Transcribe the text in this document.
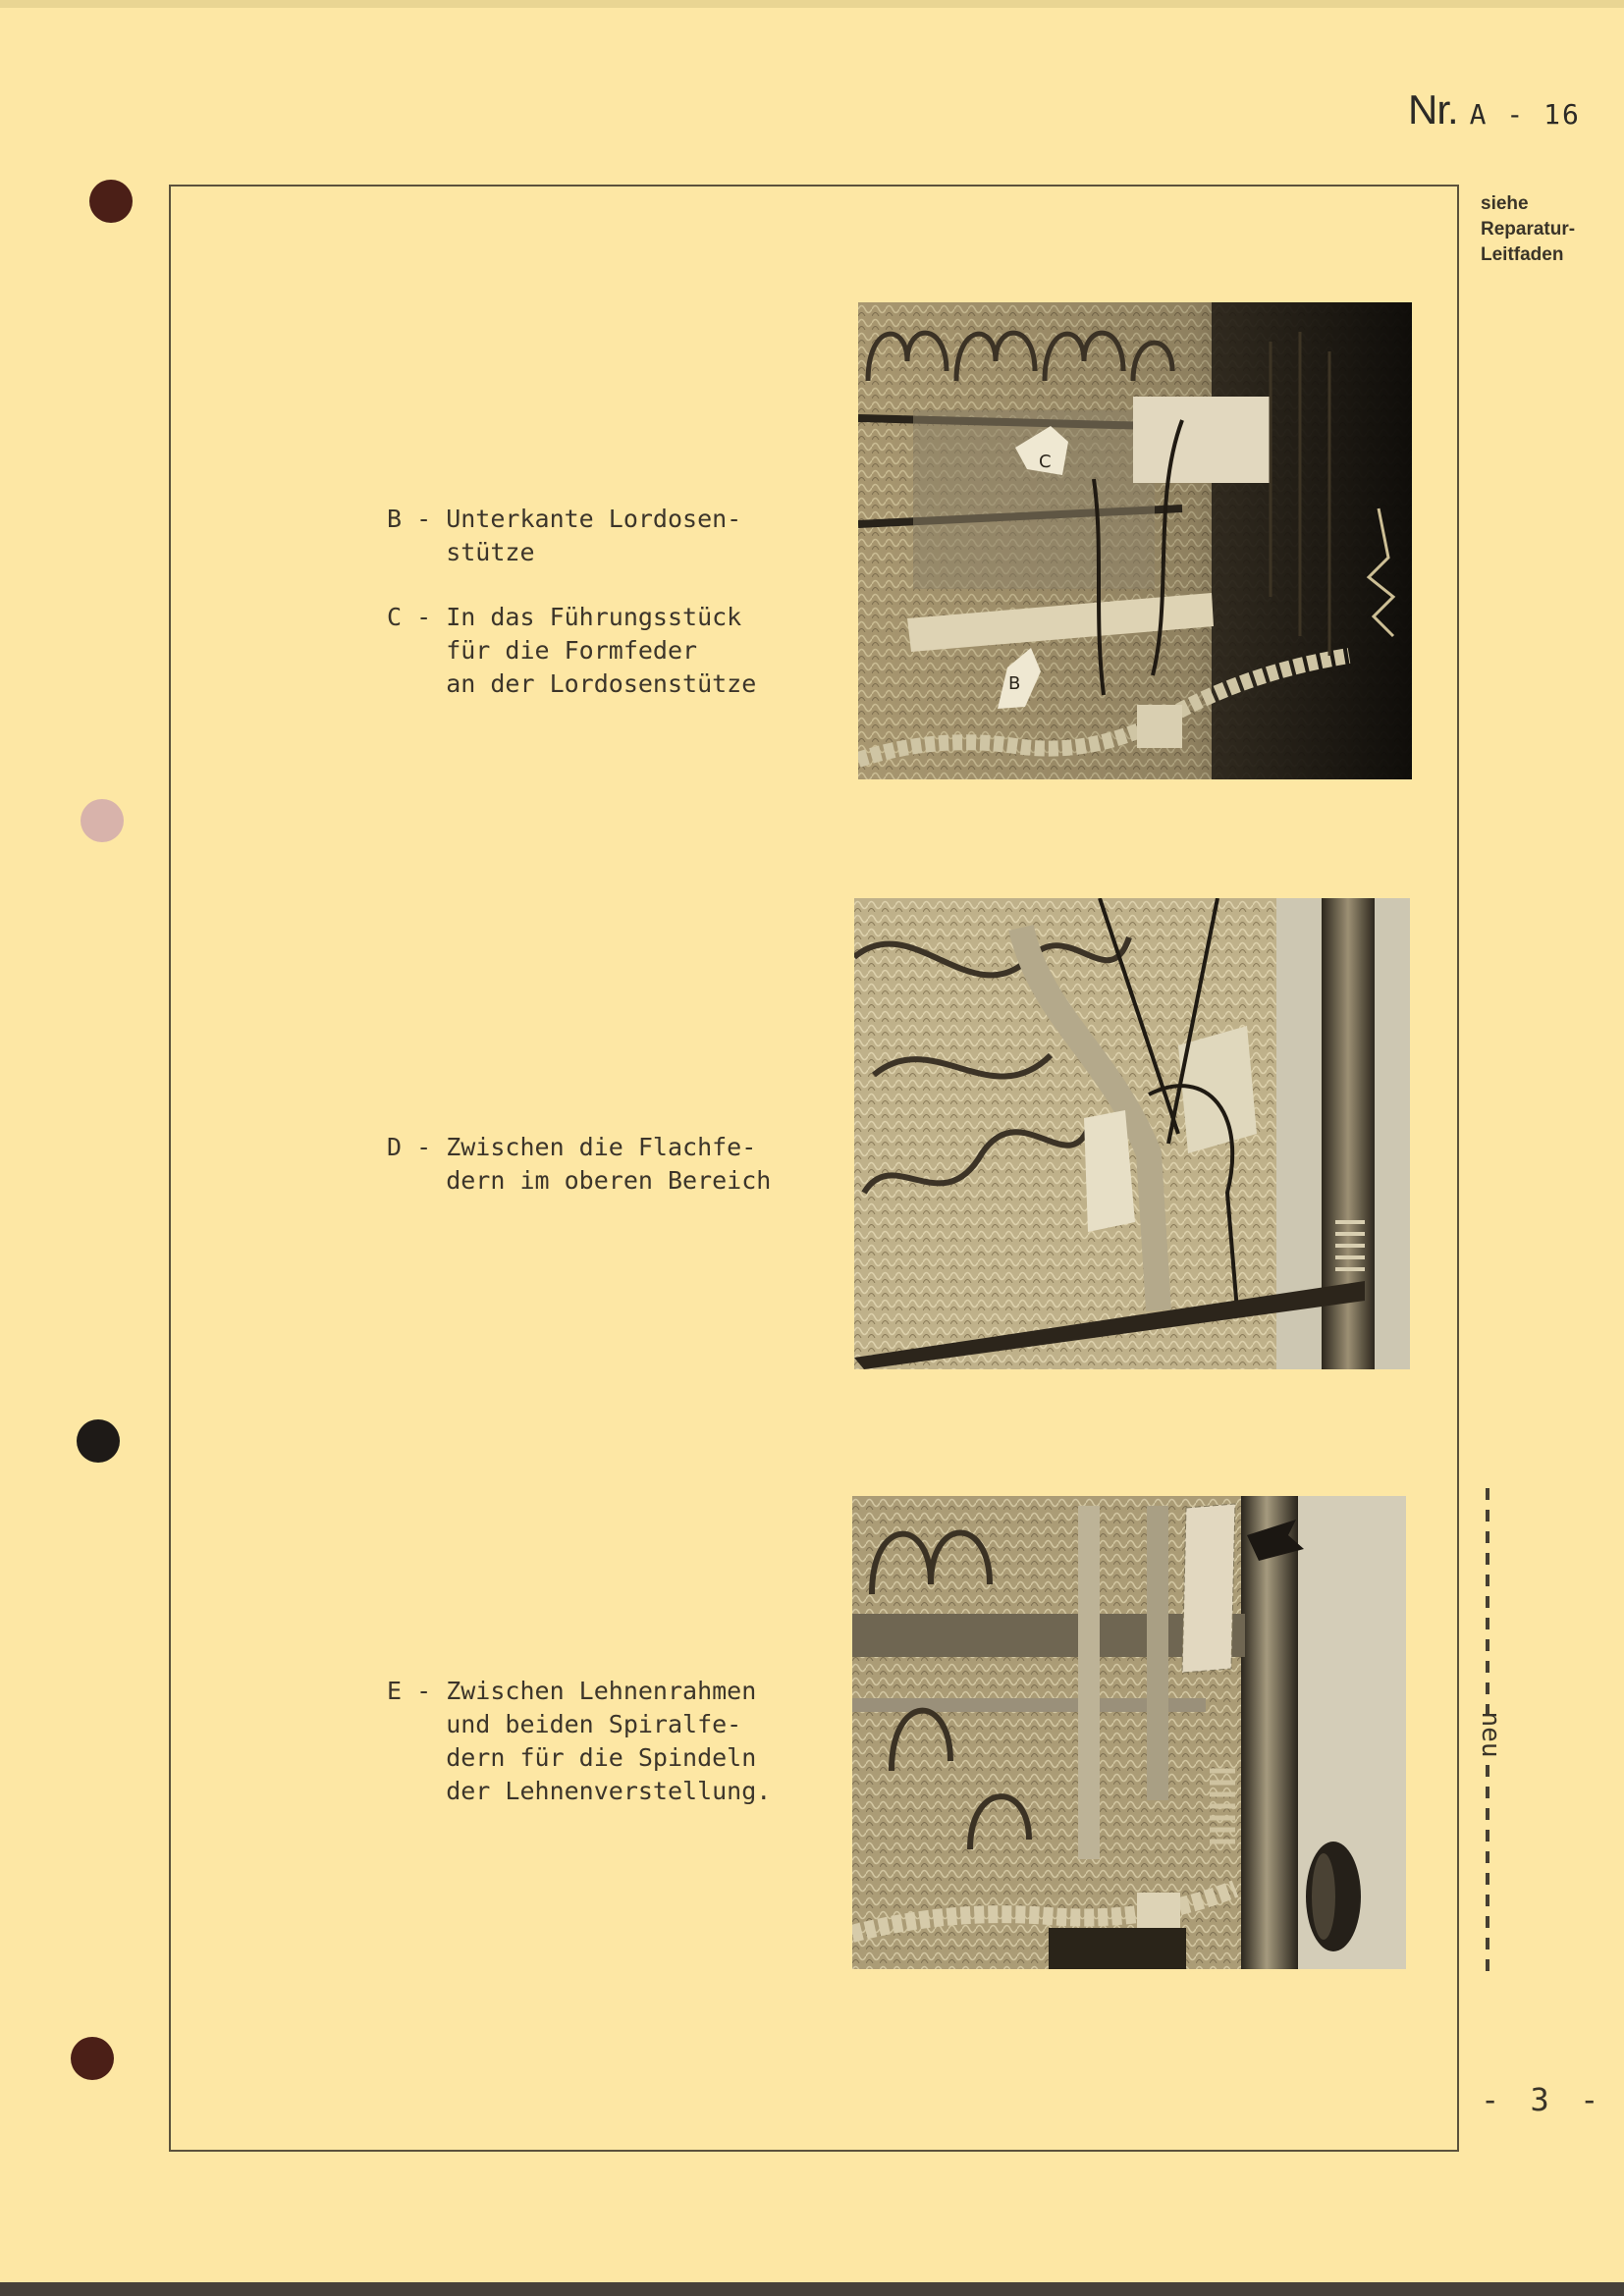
Nr. A - 16
siehe
Reparatur-
Leitfaden
B - Unterkante Lordosen-
stütze
C - In das Führungsstück
für die Formfeder
an der Lordosenstütze
D - Zwischen die Flachfe-
dern im oberen Bereich
E - Zwischen Lehnenrahmen
und beiden Spiralfe-
dern für die Spindeln
der Lehnenverstellung.
C
B
neu
- 3 -
